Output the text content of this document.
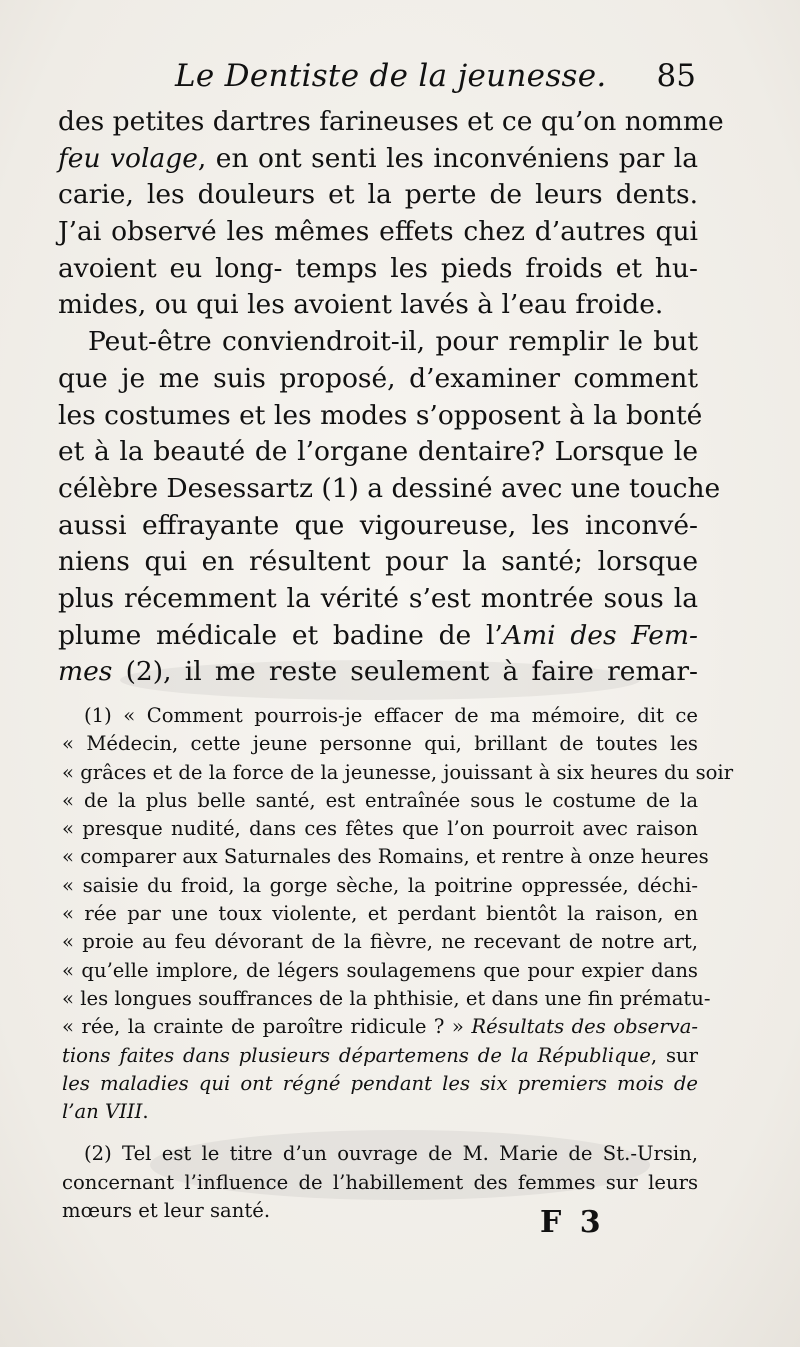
Le Dentiste de la jeunesse. 85
des petites dartres farineuses et ce qu’on nomme
feu volage, en ont senti les inconvéniens par la
carie, les douleurs et la perte de leurs dents.
J’ai observé les mêmes effets chez d’autres qui
avoient eu long- temps les pieds froids et hu-
mides, ou qui les avoient lavés à l’eau froide.
Peut-être conviendroit-il, pour remplir le but
que je me suis proposé, d’examiner comment
les costumes et les modes s’opposent à la bonté
et à la beauté de l’organe dentaire? Lorsque le
célèbre Desessartz (1) a dessiné avec une touche
aussi effrayante que vigoureuse, les inconvé-
niens qui en résultent pour la santé; lorsque
plus récemment la vérité s’est montrée sous la
plume médicale et badine de l’Ami des Fem-
mes (2), il me reste seulement à faire remar-
(1) « Comment pourrois-je effacer de ma mémoire, dit ce
« Médecin, cette jeune personne qui, brillant de toutes les
« grâces et de la force de la jeunesse, jouissant à six heures du soir
« de la plus belle santé, est entraînée sous le costume de la
« presque nudité, dans ces fêtes que l’on pourroit avec raison
« comparer aux Saturnales des Romains, et rentre à onze heures
« saisie du froid, la gorge sèche, la poitrine oppressée, déchi-
« rée par une toux violente, et perdant bientôt la raison, en
« proie au feu dévorant de la fièvre, ne recevant de notre art,
« qu’elle implore, de légers soulagemens que pour expier dans
« les longues souffrances de la phthisie, et dans une fin prématu-
« rée, la crainte de paroître ridicule ? » Résultats des observa-
tions faites dans plusieurs départemens de la République, sur
les maladies qui ont régné pendant les six premiers mois de
l’an VIII.
(2) Tel est le titre d’un ouvrage de M. Marie de St.-Ursin,
concernant l’influence de l’habillement des femmes sur leurs
mœurs et leur santé.	F 3
